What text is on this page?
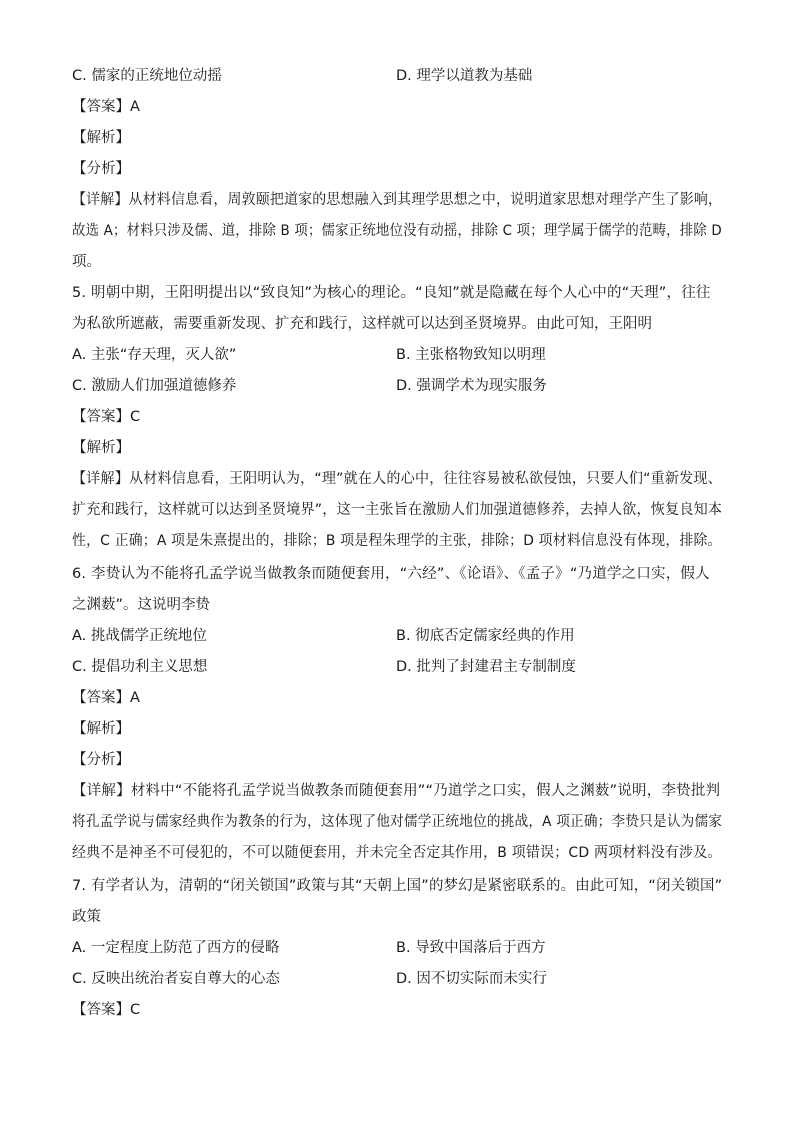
C. 儒家的正统地位动摇	D. 理学以道教为基础
【答案】A
【解析】
【分析】
【详解】从材料信息看，周敦颐把道家的思想融入到其理学思想之中，说明道家思想对理学产生了影响，
故选 A；材料只涉及儒、道，排除 B 项；儒家正统地位没有动摇，排除 C 项；理学属于儒学的范畴，排除 D
项。
5. 明朝中期，王阳明提出以“致良知”为核心的理论。“良知”就是隐藏在每个人心中的“天理”，往往
为私欲所遮蔽，需要重新发现、扩充和践行，这样就可以达到圣贤境界。由此可知，王阳明
A. 主张“存天理，灭人欲”	B. 主张格物致知以明理
C. 激励人们加强道德修养	D. 强调学术为现实服务
【答案】C
【解析】
【详解】从材料信息看，王阳明认为，“理”就在人的心中，往往容易被私欲侵蚀，只要人们“重新发现、
扩充和践行，这样就可以达到圣贤境界”，这一主张旨在激励人们加强道德修养，去掉人欲，恢复良知本
性，C 正确；A 项是朱熹提出的，排除；B 项是程朱理学的主张，排除；D 项材料信息没有体现，排除。
6. 李贽认为不能将孔孟学说当做教条而随便套用，“六经”、《论语》、《孟子》“乃道学之口实，假人
之渊薮”。这说明李贽
A. 挑战儒学正统地位	B. 彻底否定儒家经典的作用
C. 提倡功利主义思想	D. 批判了封建君主专制制度
【答案】A
【解析】
【分析】
【详解】材料中“不能将孔孟学说当做教条而随便套用”“乃道学之口实，假人之渊薮”说明，李贽批判
将孔孟学说与儒家经典作为教条的行为，这体现了他对儒学正统地位的挑战，A 项正确；李贽只是认为儒家
经典不是神圣不可侵犯的，不可以随便套用，并未完全否定其作用，B 项错误；CD 两项材料没有涉及。
7. 有学者认为，清朝的“闭关锁国”政策与其“天朝上国”的梦幻是紧密联系的。由此可知，“闭关锁国”
政策
A. 一定程度上防范了西方的侵略	B. 导致中国落后于西方
C. 反映出统治者妄自尊大的心态	D. 因不切实际而未实行
【答案】C
